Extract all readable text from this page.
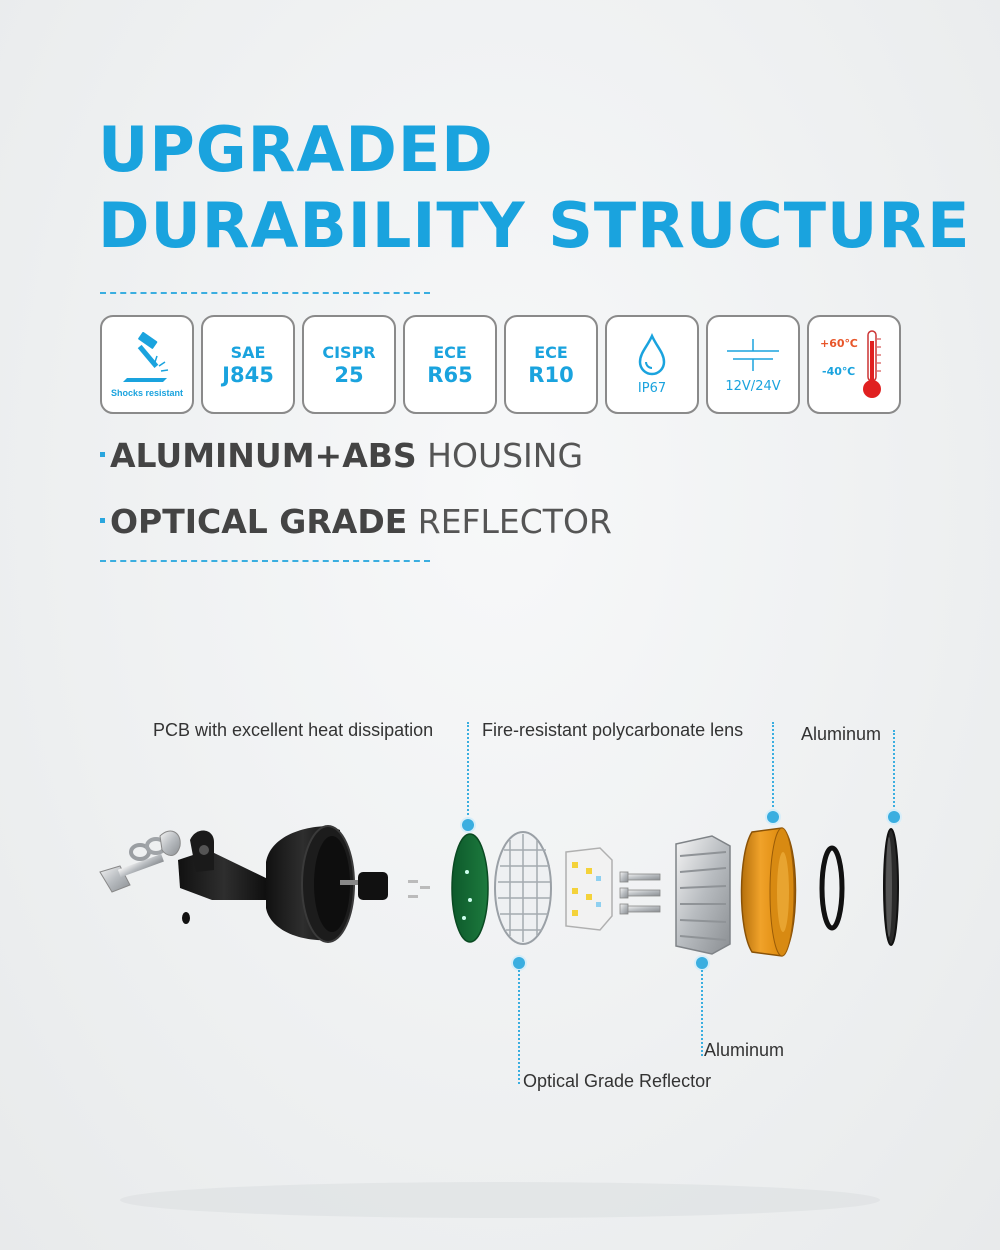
UPGRADED
DURABILITY STRUCTURE
Shocks resistant
SAE
J845
CISPR
25
ECE
R65
ECE
R10
IP67	12V/24V
+60℃
-40℃
ALUMINUM+ABS HOUSING
OPTICAL GRADE REFLECTOR
PCB with excellent heat dissipation	Fire-resistant polycarbonate lens	Aluminum
Aluminum
Optical Grade Reflector
